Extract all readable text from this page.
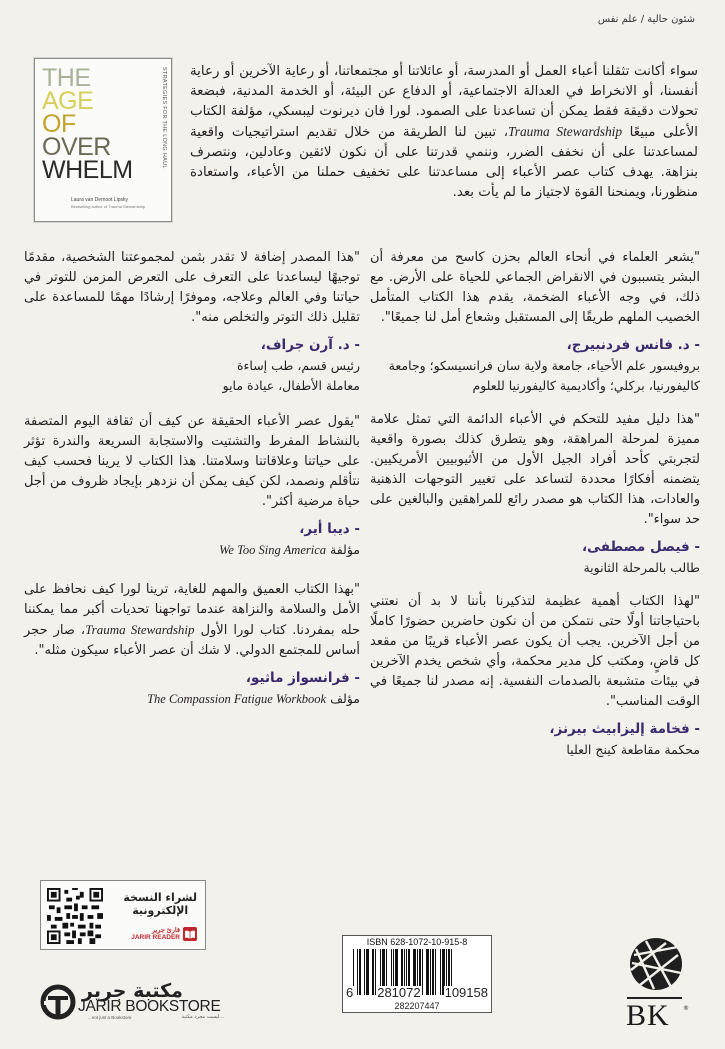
شئون حالية / علم نفس
THE
AGE
OF
OVER
WHELM
STRATEGIES FOR THE LONG HAUL
Laura van Dernoot Lipsky
Bestselling author of Trauma Stewardship

سواء أكانت تثقلنا أعباء العمل أو المدرسة، أو عائلاتنا أو مجتمعاتنا، أو رعاية الآخرين أو رعاية أنفسنا، أو الانخراط في العدالة الاجتماعية، أو الدفاع عن البيئة، أو الخدمة المدنية، فبضعة تحولات دقيقة فقط يمكن أن تساعدنا على الصمود. لورا فان ديرنوت ليبسكي، مؤلفة الكتاب الأعلى مبيعًا Trauma Stewardship، تبين لنا الطريقة من خلال تقديم استراتيجيات واقعية لمساعدتنا على أن نخفف الضرر، وننمي قدرتنا على أن نكون لائقين وعادلين، ونتصرف بنزاهة. يهدف كتاب عصر الأعباء إلى مساعدتنا على تخفيف حملنا من الأعباء، واستعادة منظورنا، ويمنحنا القوة لاجتياز ما لم يأت بعد.

"يشعر العلماء في أنحاء العالم بحزن كاسح من معرفة أن البشر يتسببون في الانقراض الجماعي للحياة على الأرض. مع ذلك، في وجه الأعباء الضخمة، يقدم هذا الكتاب المتأمل الخصيب الملهم طريقًا إلى المستقبل وشعاع أمل لنا جميعًا".

- د. فانس فردنبيرج،

بروفيسور علم الأحياء، جامعة ولاية سان فرانسيسكو؛ وجامعة كاليفورنيا، بركلي؛ وأكاديمية كاليفورنيا للعلوم

"هذا دليل مفيد للتحكم في الأعباء الدائمة التي تمثل علامة مميزة لمرحلة المراهقة، وهو يتطرق كذلك بصورة واقعية لتجربتي كأحد أفراد الجيل الأول من الأثيوبيين الأمريكيين. يتضمنه أفكارًا محددة لتساعد على تغيير التوجهات الذهنية والعادات، هذا الكتاب هو مصدر رائع للمراهقين والبالغين على حد سواء".

- فيصل مصطفى،

طالب بالمرحلة الثانوية

"لهذا الكتاب أهمية عظيمة لتذكيرنا بأننا لا بد أن نعتني باحتياجاتنا أولًا حتى نتمكن من أن نكون حاضرين حضورًا كاملًا من أجل الآخرين. يجب أن يكون عصر الأعباء قريبًا من مقعد كل قاضٍ، ومكتب كل مدير محكمة، وأي شخص يخدم الآخرين في بيئات متشبعة بالصدمات النفسية. إنه مصدر لنا جميعًا في الوقت المناسب".

- فخامة إليزابيث بيرنز،

محكمة مقاطعة كينج العليا

"هذا المصدر إضافة لا تقدر بثمن لمجموعتنا الشخصية، مقدمًا توجيهًا ليساعدنا على التعرف على التعرض المزمن للتوتر في حياتنا وفي العالم وعلاجه، وموفرًا إرشادًا مهمًا للمساعدة على تقليل ذلك التوتر والتخلص منه".

- د. آرن جراف،
رئيس قسم، طب إساءة
معاملة الأطفال، عيادة مايو

"يقول عصر الأعباء الحقيقة عن كيف أن ثقافة اليوم المتصفة بالنشاط المفرط والتشتيت والاستجابة السريعة والندرة تؤثر على حياتنا وعلاقاتنا وسلامتنا. هذا الكتاب لا يرينا فحسب كيف نتأقلم ونصمد، لكن كيف يمكن أن نزدهر بإيجاد ظروف من أجل حياة مرضية أكثر".

- ديبا أير،

مؤلفة We Too Sing America

"بهذا الكتاب العميق والمهم للغاية، ترينا لورا كيف نحافظ على الأمل والسلامة والنزاهة عندما تواجهنا تحديات أكبر مما يمكننا حله بمفردنا. كتاب لورا الأول Trauma Stewardship، صار حجر أساس للمجتمع الدولي. لا شك أن عصر الأعباء سيكون مثله".

- فرانسواز ماثيو،

مؤلف The Compassion Fatigue Workbook

لشراء النسخة
الإلكترونية
قارئ جرير
JARIR READER
مكتبة جرير
JARIR BOOKSTORE
...not just a Bookstore	...ليست مجرد مكتبة
ISBN 628-1072-10-915-8
6 281072 109158
282207447	BK ®
